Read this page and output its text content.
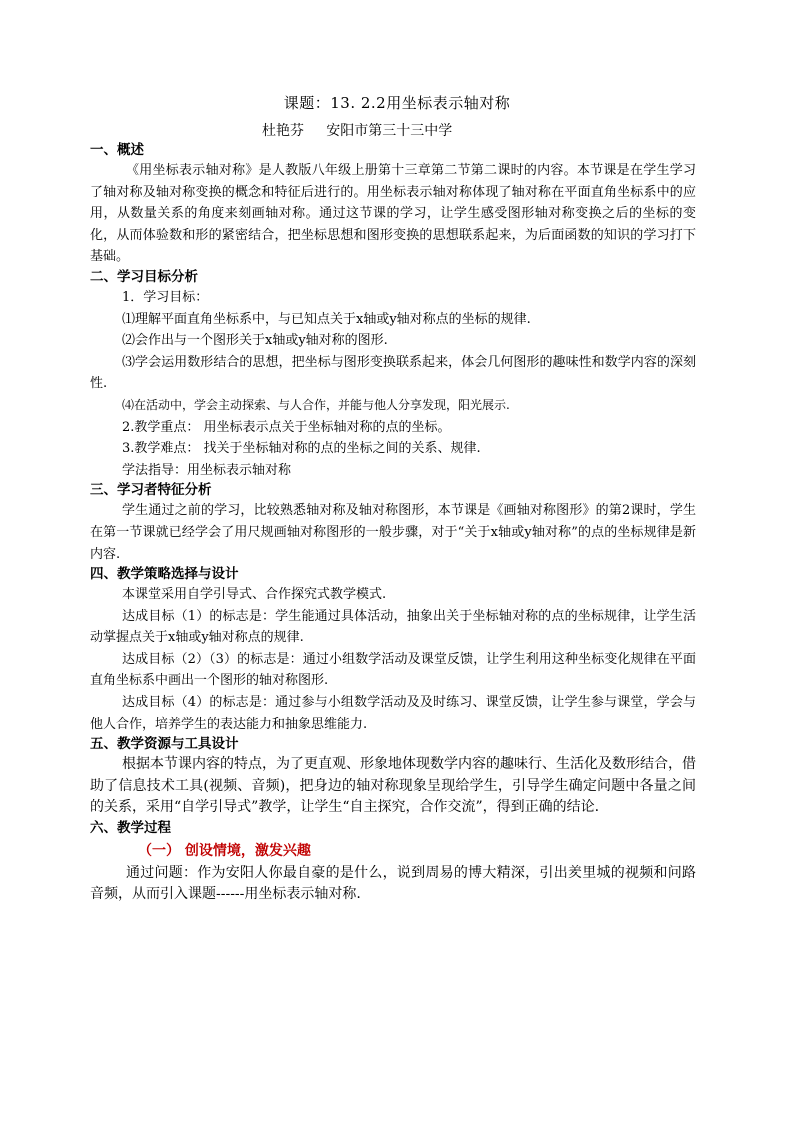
课题：13. 2.2用坐标表示轴对称
杜艳芬     安阳市第三十三中学
一、概述

《用坐标表示轴对称》是人教版八年级上册第十三章第二节第二课时的内容。本节课是在学生学习了轴对称及轴对称变换的概念和特征后进行的。用坐标表示轴对称体现了轴对称在平面直角坐标系中的应用，从数量关系的角度来刻画轴对称。通过这节课的学习，让学生感受图形轴对称变换之后的坐标的变化，从而体验数和形的紧密结合，把坐标思想和图形变换的思想联系起来，为后面函数的知识的学习打下基础。

二、学习目标分析

1．学习目标：

⑴理解平面直角坐标系中，与已知点关于x轴或y轴对称点的坐标的规律.

⑵会作出与一个图形关于x轴或y轴对称的图形.

⑶学会运用数形结合的思想，把坐标与图形变换联系起来，体会几何图形的趣味性和数学内容的深刻性.

⑷在活动中，学会主动探索、与人合作，并能与他人分享发现，阳光展示.

2.教学重点： 用坐标表示点关于坐标轴对称的点的坐标。

3.教学难点： 找关于坐标轴对称的点的坐标之间的关系、规律.

学法指导：用坐标表示轴对称

三、学习者特征分析

学生通过之前的学习，比较熟悉轴对称及轴对称图形，本节课是《画轴对称图形》的第2课时，学生在第一节课就已经学会了用尺规画轴对称图形的一般步骤，对于“关于x轴或y轴对称”的点的坐标规律是新内容.

四、教学策略选择与设计

本课堂采用自学引导式、合作探究式教学模式.

达成目标（1）的标志是：学生能通过具体活动，抽象出关于坐标轴对称的点的坐标规律，让学生活动掌握点关于x轴或y轴对称点的规律.

达成目标（2）（3）的标志是：通过小组数学活动及课堂反馈，让学生利用这种坐标变化规律在平面直角坐标系中画出一个图形的轴对称图形.

达成目标（4）的标志是：通过参与小组数学活动及及时练习、课堂反馈，让学生参与课堂，学会与他人合作，培养学生的表达能力和抽象思维能力.

五、教学资源与工具设计

根据本节课内容的特点，为了更直观、形象地体现数学内容的趣味行、生活化及数形结合，借助了信息技术工具(视频、音频)，把身边的轴对称现象呈现给学生，引导学生确定问题中各量之间的关系，采用“自学引导式”教学，让学生“自主探究，合作交流”，得到正确的结论.

六、教学过程
（一） 创设情境，激发兴趣

通过问题：作为安阳人你最自豪的是什么，说到周易的博大精深，引出羑里城的视频和问路音频，从而引入课题------用坐标表示轴对称.
